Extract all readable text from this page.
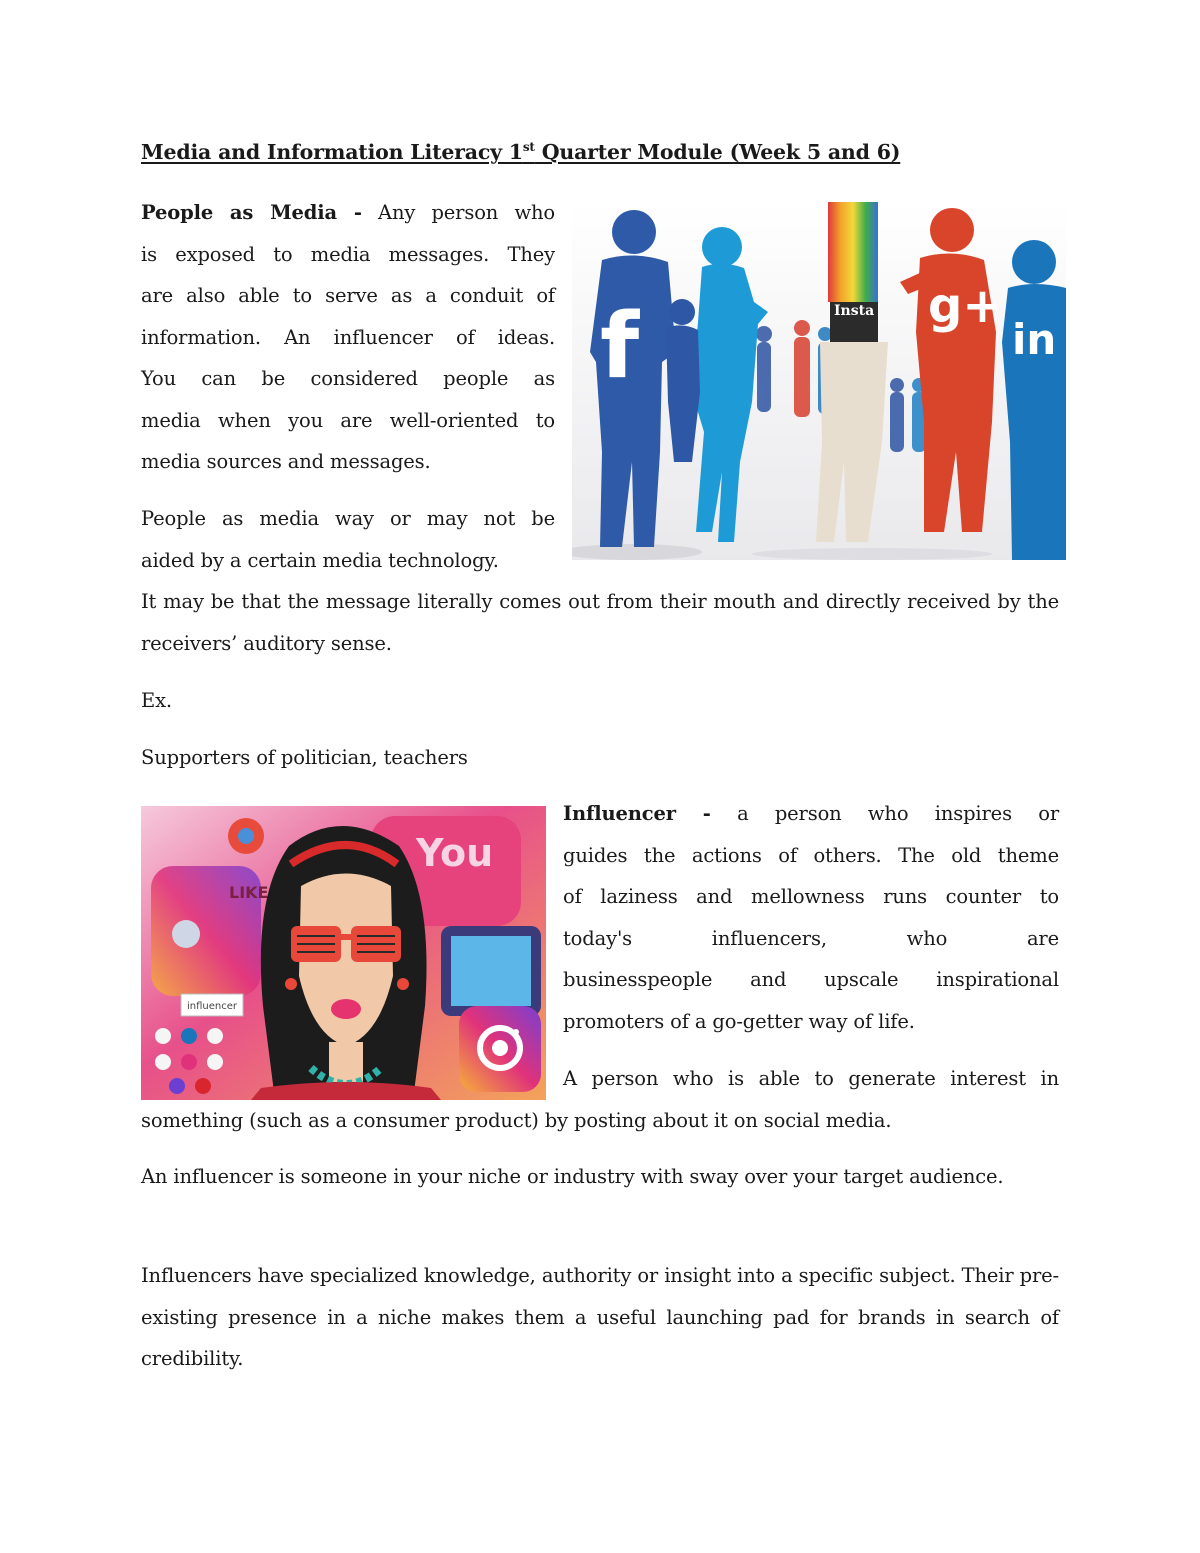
Media and Information Literacy 1st Quarter Module (Week 5 and 6)
People as Media - Any person who
is exposed to media messages. They
are also able to serve as a conduit of
information. An influencer of ideas.
You can be considered people as
media when you are well-oriented to
media sources and messages.
People as media way or may not be
aided by a certain media technology.
f	Insta g+
in
It may be that the message literally comes out from their mouth and directly received by the receivers’ auditory sense.
Ex.
Supporters of politician, teachers
You
LIKE
influencer
Influencer - a person who inspires or
guides the actions of others. The old theme
of laziness and mellowness runs counter to
today's influencers, who are
businesspeople and upscale inspirational
promoters of a go-getter way of life.
A person who is able to generate interest in
something (such as a consumer product) by posting about it on social media.
An influencer is someone in your niche or industry with sway over your target audience.
Influencers have specialized knowledge, authority or insight into a specific subject. Their pre-existing presence in a niche makes them a useful launching pad for brands in search of credibility.
